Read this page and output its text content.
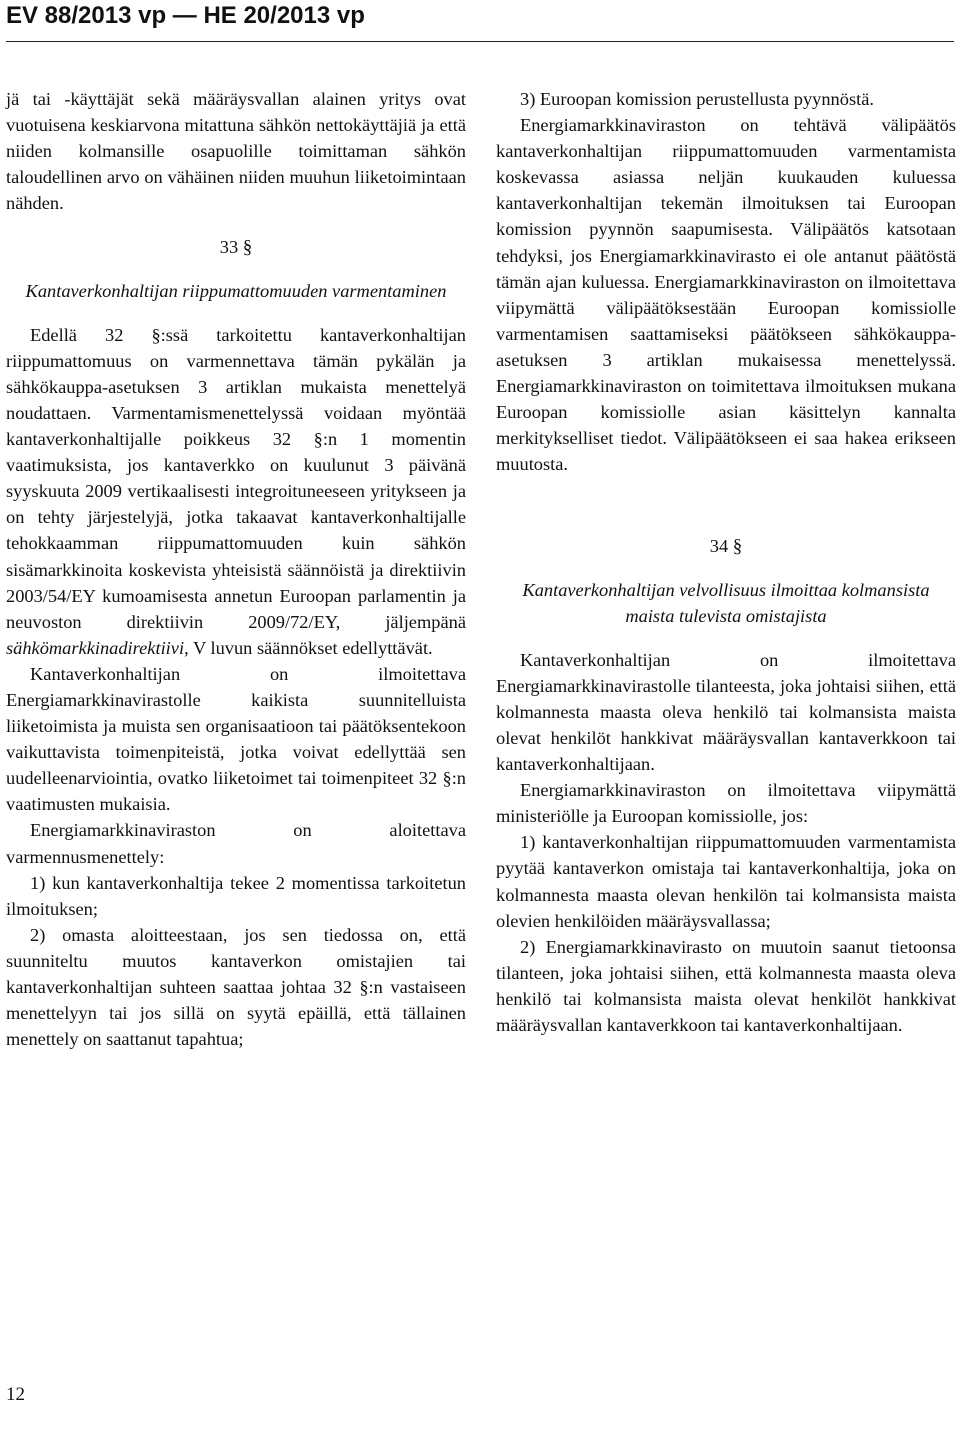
EV 88/2013 vp — HE 20/2013 vp

jä tai -käyttäjät sekä määräysvallan alainen yritys ovat vuotuisena keskiarvona mitattuna sähkön nettokäyttäjiä ja että niiden kolmansille osapuolille toimittaman sähkön taloudellinen arvo on vähäinen niiden muuhun liiketoimintaan nähden.

33 §

Kantaverkonhaltijan riippumattomuuden varmentaminen

Edellä 32 §:ssä tarkoitettu kantaverkonhaltijan riippumattomuus on varmennettava tämän pykälän ja sähkökauppa-asetuksen 3 artiklan mukaista menettelyä noudattaen. Varmentamismenettelyssä voidaan myöntää kantaverkonhaltijalle poikkeus 32 §:n 1 momentin vaatimuksista, jos kantaverkko on kuulunut 3 päivänä syyskuuta 2009 vertikaalisesti integroituneeseen yritykseen ja on tehty järjestelyjä, jotka takaavat kantaverkonhaltijalle tehokkaamman riippumattomuuden kuin sähkön sisämarkkinoita koskevista yhteisistä säännöistä ja direktiivin 2003/54/EY kumoamisesta annetun Euroopan parlamentin ja neuvoston direktiivin 2009/72/EY, jäljempänä sähkömarkkinadirektiivi, V luvun säännökset edellyttävät.

Kantaverkonhaltijan on ilmoitettava Energiamarkkinavirastolle kaikista suunnitelluista liiketoimista ja muista sen organisaatioon tai päätöksentekoon vaikuttavista toimenpiteistä, jotka voivat edellyttää sen uudelleenarviointia, ovatko liiketoimet tai toimenpiteet 32 §:n vaatimusten mukaisia.

Energiamarkkinaviraston on aloitettava varmennusmenettely:

1) kun kantaverkonhaltija tekee 2 momentissa tarkoitetun ilmoituksen;

2) omasta aloitteestaan, jos sen tiedossa on, että suunniteltu muutos kantaverkon omistajien tai kantaverkonhaltijan suhteen saattaa johtaa 32 §:n vastaiseen menettelyyn tai jos sillä on syytä epäillä, että tällainen menettely on saattanut tapahtua;

3) Euroopan komission perustellusta pyynnöstä.

Energiamarkkinaviraston on tehtävä välipäätös kantaverkonhaltijan riippumattomuuden varmentamista koskevassa asiassa neljän kuukauden kuluessa kantaverkonhaltijan tekemän ilmoituksen tai Euroopan komission pyynnön saapumisesta. Välipäätös katsotaan tehdyksi, jos Energiamarkkinavirasto ei ole antanut päätöstä tämän ajan kuluessa. Energiamarkkinaviraston on ilmoitettava viipymättä välipäätöksestään Euroopan komissiolle varmentamisen saattamiseksi päätökseen sähkökauppa-asetuksen 3 artiklan mukaisessa menettelyssä. Energiamarkkinaviraston on toimitettava ilmoituksen mukana Euroopan komissiolle asian käsittelyn kannalta merkitykselliset tiedot. Välipäätökseen ei saa hakea erikseen muutosta.

34 §

Kantaverkonhaltijan velvollisuus ilmoittaa kolmansista maista tulevista omistajista

Kantaverkonhaltijan on ilmoitettava Energiamarkkinavirastolle tilanteesta, joka johtaisi siihen, että kolmannesta maasta oleva henkilö tai kolmansista maista olevat henkilöt hankkivat määräysvallan kantaverkkoon tai kantaverkonhaltijaan.

Energiamarkkinaviraston on ilmoitettava viipymättä ministeriölle ja Euroopan komissiolle, jos:

1) kantaverkonhaltijan riippumattomuuden varmentamista pyytää kantaverkon omistaja tai kantaverkonhaltija, joka on kolmannesta maasta olevan henkilön tai kolmansista maista olevien henkilöiden määräysvallassa;

2) Energiamarkkinavirasto on muutoin saanut tietoonsa tilanteen, joka johtaisi siihen, että kolmannesta maasta oleva henkilö tai kolmansista maista olevat henkilöt hankkivat määräysvallan kantaverkkoon tai kantaverkonhaltijaan.

12
